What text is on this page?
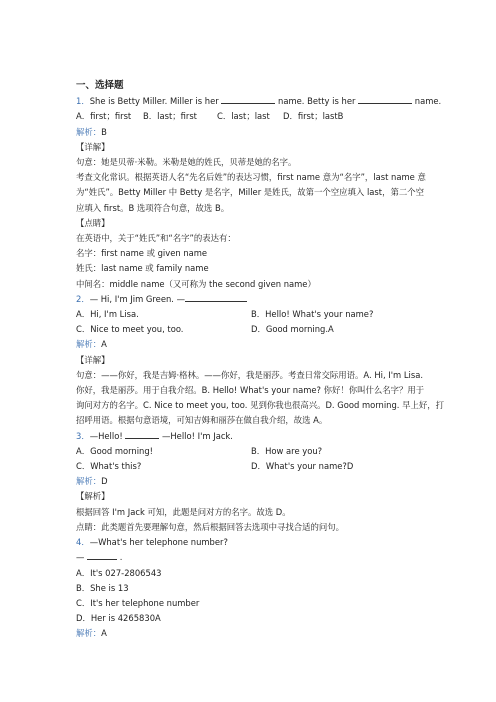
一、选择题
1．She is Betty Miller. Miller is her	name. Betty is her	name.
A．first；first	B．last；first	C．last；last	D．first；lastB
解析：B
【详解】
句意：她是贝蒂·米勒。米勒是她的姓氏，贝蒂是她的名字。
考查文化常识。根据英语人名“先名后姓”的表达习惯，first name 意为“名字”，last name 意
为“姓氏”。Betty Miller 中 Betty 是名字，Miller 是姓氏，故第一个空应填入 last，第二个空
应填入 first。B 选项符合句意，故选 B。
【点睛】
在英语中，关于“姓氏”和“名字”的表达有：
名字：first name 或 given name
姓氏：last name 或 family name
中间名：middle name（又可称为 the second given name）
2．— Hi, I'm Jim Green. —
A．Hi, I'm Lisa.	B．Hello! What's your name?
C．Nice to meet you, too.	D．Good morning.A
解析：A
【详解】
句意：——你好，我是吉姆·格林。——你好，我是丽莎。考查日常交际用语。A. Hi, I'm Lisa.
你好，我是丽莎。用于自我介绍。B. Hello! What's your name? 你好！你叫什么名字？用于
询问对方的名字。C. Nice to meet you, too. 见到你我也很高兴。D. Good morning. 早上好，打
招呼用语。根据句意语境，可知吉姆和丽莎在做自我介绍，故选 A。
3．—Hello!	—Hello! I'm Jack.
A．Good morning!	B．How are you?
C．What's this?	D．What's your name?D
解析：D
【解析】
根据回答 I'm Jack 可知，此题是问对方的名字。故选 D。
点睛：此类题首先要理解句意，然后根据回答去选项中寻找合适的问句。
4．—What's her telephone number?
—	.
A．It's 027-2806543
B．She is 13
C．It's her telephone number
D．Her is 4265830A
解析：A
